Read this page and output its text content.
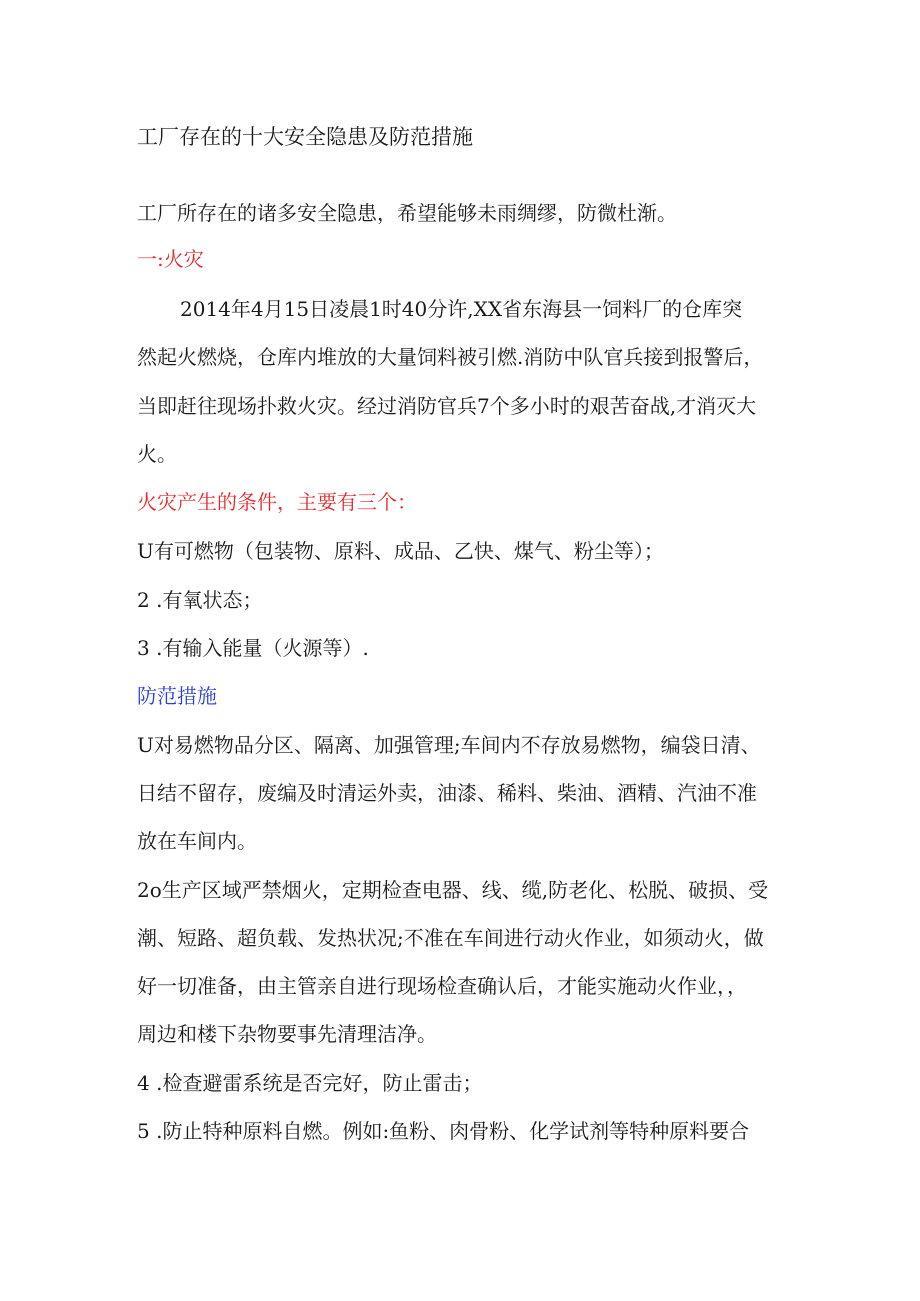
工厂存在的十大安全隐患及防范措施
工厂所存在的诸多安全隐患，希望能够未雨绸缪，防微杜渐。
一:火灾
2014年4月15日凌晨1时40分许,XX省东海县一饲料厂的仓库突
然起火燃烧，仓库内堆放的大量饲料被引燃.消防中队官兵接到报警后，
当即赶往现场扑救火灾。经过消防官兵7个多小时的艰苦奋战,才消灭大
火。
火灾产生的条件，主要有三个：
U有可燃物（包装物、原料、成品、乙快、煤气、粉尘等）；
2 .有氧状态；
3 .有输入能量（火源等）.
防范措施
U对易燃物品分区、隔离、加强管理;车间内不存放易燃物，编袋日清、
日结不留存，废编及时清运外卖，油漆、稀料、柴油、酒精、汽油不准
放在车间内。
2o生产区域严禁烟火，定期检查电器、线、缆,防老化、松脱、破损、受
潮、短路、超负载、发热状况;不准在车间进行动火作业，如须动火，做
好一切准备，由主管亲自进行现场检查确认后，才能实施动火作业，，
周边和楼下杂物要事先清理洁净。
4 .检查避雷系统是否完好，防止雷击；
5 .防止特种原料自燃。例如:鱼粉、肉骨粉、化学试剂等特种原料要合
